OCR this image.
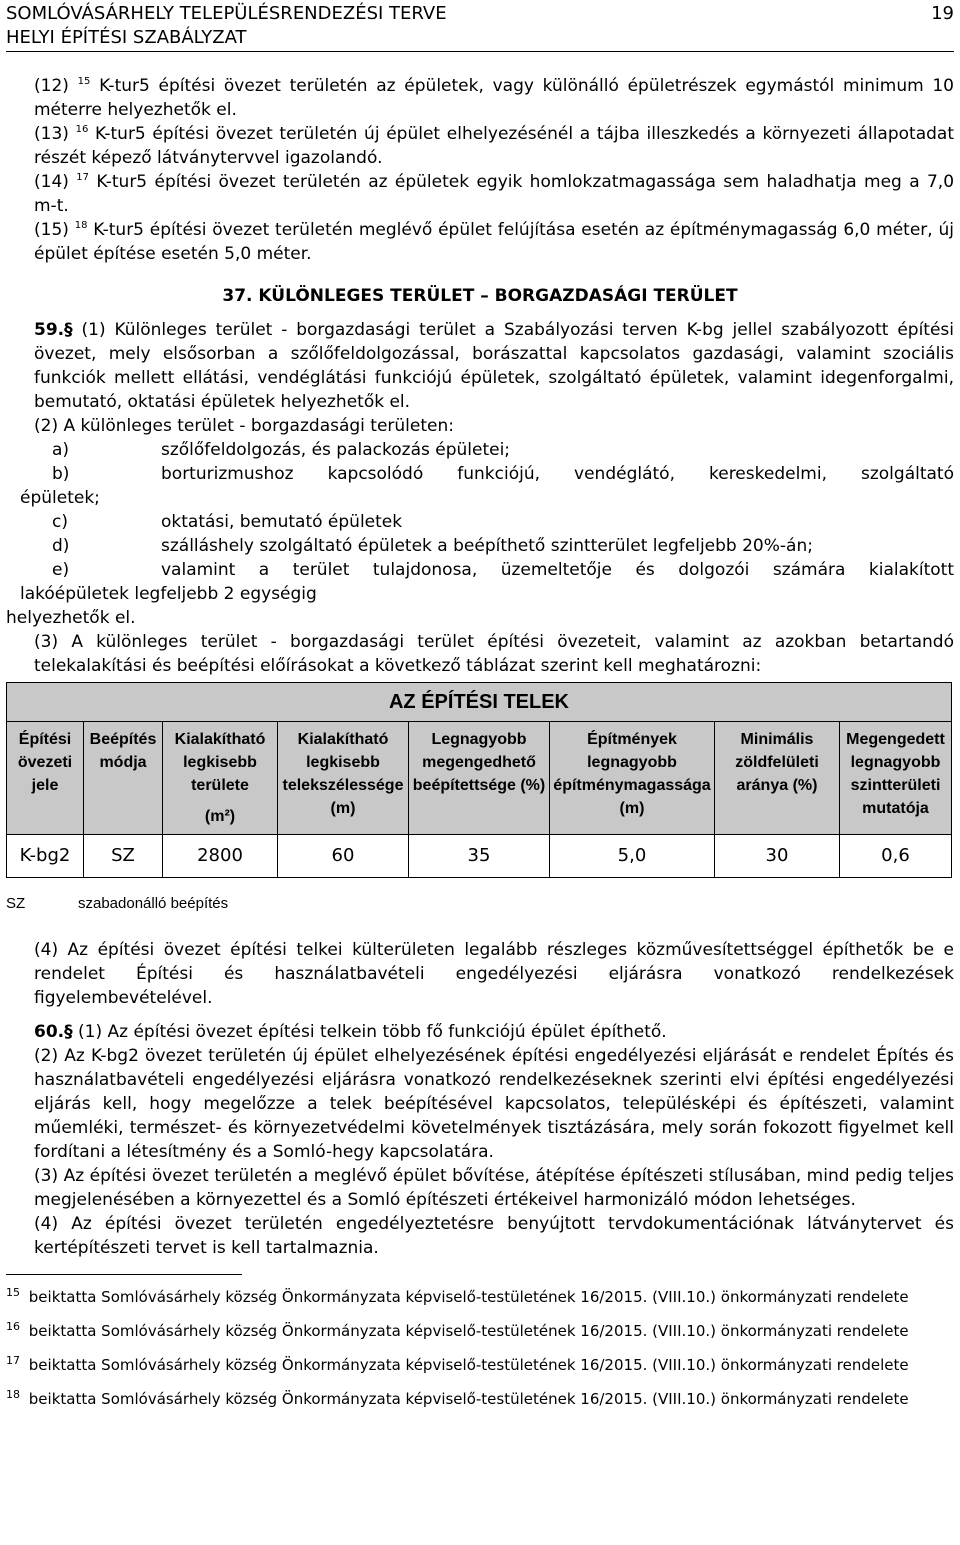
SOMLÓVÁSÁRHELY TELEPÜLÉSRENDEZÉSI TERVE
HELYI ÉPÍTÉSI SZABÁLYZAT
19

(12) $^{15}$ K-tur5 építési övezet területén az épületek, vagy különálló épületrészek egymástól minimum 10 méterre helyezhetők el.

(13) $^{16}$ K-tur5 építési övezet területén új épület elhelyezésénél a tájba illeszkedés a környezeti állapotadat részét képező látványtervvel igazolandó.

(14) $^{17}$ K-tur5 építési övezet területén az épületek egyik homlokzatmagassága sem haladhatja meg a 7,0 m-t.

(15) $^{18}$ K-tur5 építési övezet területén meglévő épület felújítása esetén az építménymagasság 6,0 méter, új épület építése esetén 5,0 méter.

37. KÜLÖNLEGES TERÜLET – BORGAZDASÁGI TERÜLET

59.§ (1) Különleges terület - borgazdasági terület a Szabályozási terven K-bg jellel szabályozott építési övezet, mely elsősorban a szőlőfeldolgozással, borászattal kapcsolatos gazdasági, valamint szociális funkciók mellett ellátási, vendéglátási funkciójú épületek, szolgáltató épületek, valamint idegenforgalmi, bemutató, oktatási épületek helyezhetők el.

(2) A különleges terület - borgazdasági területen:

a)	szőlőfeldolgozás, és palackozás épületei;
b)	borturizmushoz kapcsolódó funkciójú, vendéglátó, kereskedelmi, szolgáltató
épületek;
c)	oktatási, bemutató épületek
d)	szálláshely szolgáltató épületek a beépíthető szintterület legfeljebb 20%-án;
e)	valamint a terület tulajdonosa, üzemeltetője és dolgozói számára kialakított
lakóépületek legfeljebb 2 egységig

helyezhetők el.

(3) A különleges terület - borgazdasági terület építési övezeteit, valamint az azokban betartandó telekalakítási és beépítési előírásokat a következő táblázat szerint kell meghatározni:

AZ ÉPÍTÉSI TELEK							
Építési övezeti jele	Beépítés módja	Kialakítható legkisebb területe
(m²)	Kialakítható legkisebb telekszélessége (m)	Legnagyobb megengedhető beépítettsége (%)	Építmények legnagyobb építménymagassága (m)	Minimális zöldfelületi aránya (%)	Megengedett legnagyobb szintterületi mutatója
K-bg2	SZ	2800	60	35	5,0	30	0,6
SZ	szabadonálló beépítés

(4) Az építési övezet építési telkei külterületen legalább részleges közművesítettséggel építhetők be e rendelet Építési és használatbavételi engedélyezési eljárásra vonatkozó rendelkezések figyelembevételével.

60.§ (1) Az építési övezet építési telkein több fő funkciójú épület építhető.

(2) Az K-bg2 övezet területén új épület elhelyezésének építési engedélyezési eljárását e rendelet Építés és használatbavételi engedélyezési eljárásra vonatkozó rendelkezéseknek szerinti elvi építési engedélyezési eljárás kell, hogy megelőzze a telek beépítésével kapcsolatos, településképi és építészeti, valamint műemléki, természet- és környezetvédelmi követelmények tisztázására, mely során fokozott figyelmet kell fordítani a létesítmény és a Somló-hegy kapcsolatára.

(3) Az építési övezet területén a meglévő épület bővítése, átépítése építészeti stílusában, mind pedig teljes megjelenésében a környezettel és a Somló építészeti értékeivel harmonizáló módon lehetséges.

(4) Az építési övezet területén engedélyeztetésre benyújtott tervdokumentációnak látványtervet és kertépítészeti tervet is kell tartalmaznia.

$^{15}$ beiktatta Somlóvásárhely község Önkormányzata képviselő-testületének 16/2015. (VIII.10.) önkormányzati rendelete
$^{16}$ beiktatta Somlóvásárhely község Önkormányzata képviselő-testületének 16/2015. (VIII.10.) önkormányzati rendelete
$^{17}$ beiktatta Somlóvásárhely község Önkormányzata képviselő-testületének 16/2015. (VIII.10.) önkormányzati rendelete
$^{18}$ beiktatta Somlóvásárhely község Önkormányzata képviselő-testületének 16/2015. (VIII.10.) önkormányzati rendelete
